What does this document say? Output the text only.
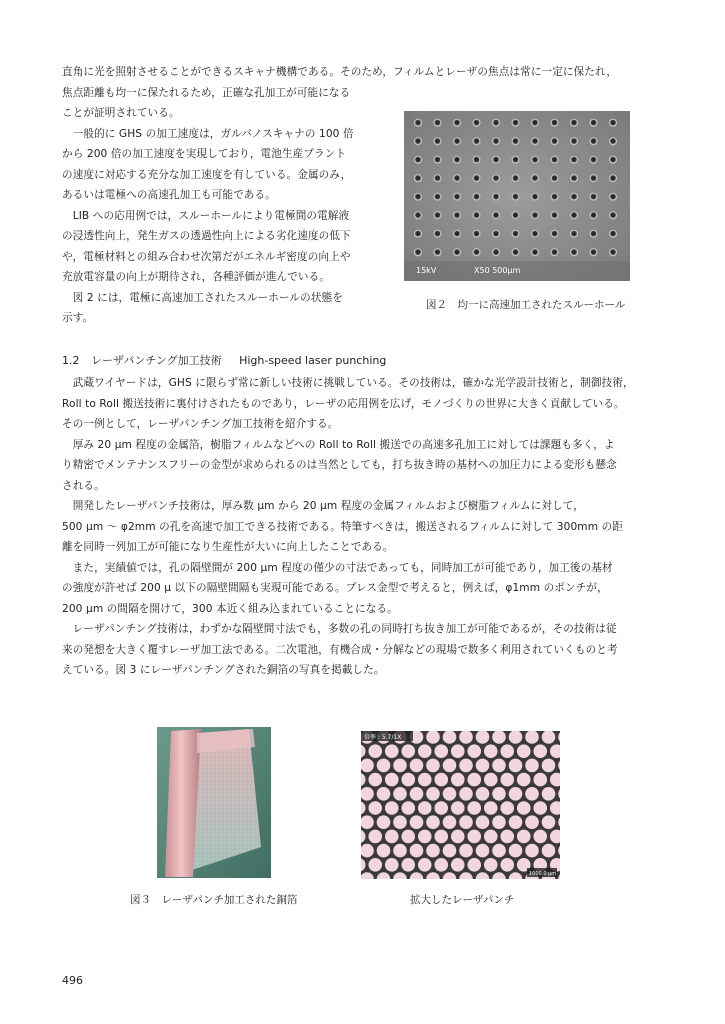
直角に光を照射させることができるスキャナ機構である。そのため，フィルムとレーザの焦点は常に一定に保たれ，
焦点距離も均一に保たれるため，正確な孔加工が可能になる
ことが証明されている。
　一般的に GHS の加工速度は，ガルバノスキャナの 100 倍
から 200 倍の加工速度を実現しており，電池生産プラント
の速度に対応する充分な加工速度を有している。金属のみ，
あるいは電極への高速孔加工も可能である。
　LIB への応用例では，スルーホールにより電極間の電解液
の浸透性向上，発生ガスの透過性向上による劣化速度の低下
や，電極材料との組み合わせ次第だがエネルギ密度の向上や
充放電容量の向上が期待され，各種評価が進んでいる。
　図 2 には，電極に高速加工されたスルーホールの状態を
示す。
15kV	X50 500μm
図２　均一に高速加工されたスルーホール
1.2 レーザパンチング加工技術 High-speed laser punching
　武蔵ワイヤードは，GHS に限らず常に新しい技術に挑戦している。その技術は，確かな光学設計技術と，制御技術，
Roll to Roll 搬送技術に裏付けされたものであり，レーザの応用例を広げ，モノづくりの世界に大きく貢献している。
その一例として，レーザパンチング加工技術を紹介する。
　厚み 20 μm 程度の金属箔，樹脂フィルムなどへの Roll to Roll 搬送での高速多孔加工に対しては課題も多く，よ
り精密でメンテナンスフリーの金型が求められるのは当然としても，打ち抜き時の基材への加圧力による変形も懸念
される。
　開発したレーザパンチ技術は，厚み数 μm から 20 μm 程度の金属フィルムおよび樹脂フィルムに対して，
500 μm ～ φ2mm の孔を高速で加工できる技術である。特筆すべきは，搬送されるフィルムに対して 300mm の距
離を同時一列加工が可能になり生産性が大いに向上したことである。
　また，実績値では，孔の隔壁間が 200 μm 程度の僅少の寸法であっても，同時加工が可能であり，加工後の基材
の強度が許せば 200 μ 以下の隔壁間隔も実現可能である。プレス金型で考えると，例えば，φ1mm のポンチが，
200 μm の間隔を開けて，300 本近く組み込まれていることになる。
　レーザパンチング技術は，わずかな隔壁間寸法でも，多数の孔の同時打ち抜き加工が可能であるが，その技術は従
来の発想を大きく覆すレーザ加工法である。二次電池，有機合成・分解などの現場で数多く利用されていくものと考
えている。図 3 にレーザパンチングされた銅箔の写真を掲載した。
倍率 : 5.7/1X
1000.0 μm
図３　レーザパンチ加工された銅箔	拡大したレーザパンチ
496
